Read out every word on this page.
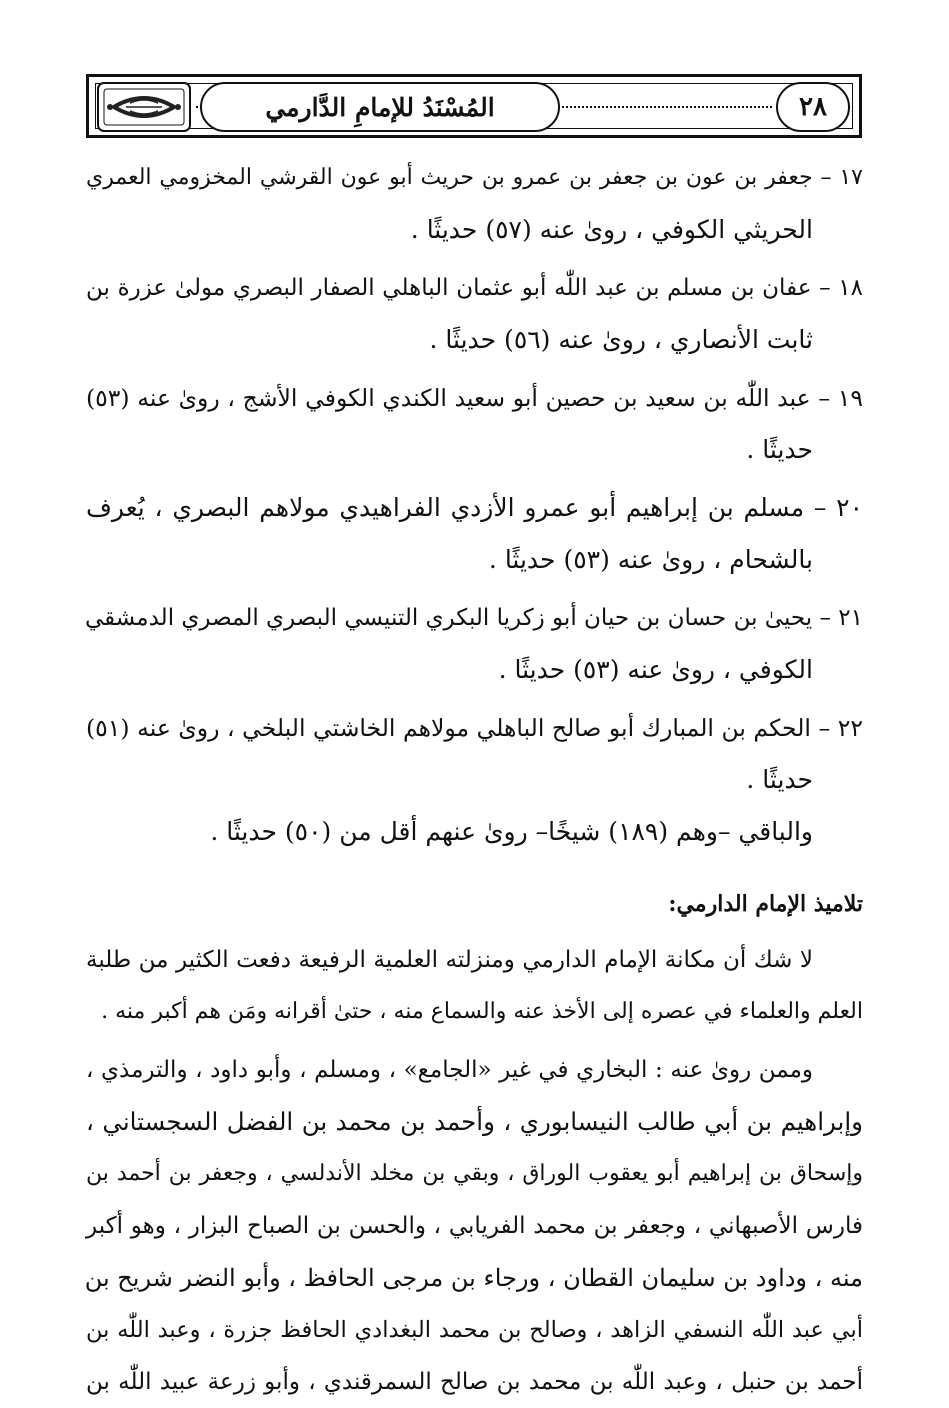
المُسْنَدُ للإمامِ الدَّارمي	٢٨
١٧ – جعفر بن عون بن جعفر بن عمرو بن حريث أبو عون القرشي المخزومي العمري
الحريثي الكوفي ، روىٰ عنه (٥٧) حديثًا .
١٨ – عفان بن مسلم بن عبد اللّٰه أبو عثمان الباهلي الصفار البصري مولىٰ عزرة بن
ثابت الأنصاري ، روىٰ عنه (٥٦) حديثًا .
١٩ – عبد اللّٰه بن سعيد بن حصين أبو سعيد الكندي الكوفي الأشج ، روىٰ عنه (٥٣)
حديثًا .
٢٠ – مسلم بن إبراهيم أبو عمرو الأزدي الفراهيدي مولاهم البصري ، يُعرف
بالشحام ، روىٰ عنه (٥٣) حديثًا .
٢١ – يحيىٰ بن حسان بن حيان أبو زكريا البكري التنيسي البصري المصري الدمشقي
الكوفي ، روىٰ عنه (٥٣) حديثًا .
٢٢ – الحكم بن المبارك أبو صالح الباهلي مولاهم الخاشتي البلخي ، روىٰ عنه (٥١)
حديثًا .
والباقي –وهم (١٨٩) شيخًا– روىٰ عنهم أقل من (٥٠) حديثًا .
تلاميذ الإمام الدارمي:
لا شك أن مكانة الإمام الدارمي ومنزلته العلمية الرفيعة دفعت الكثير من طلبة
العلم والعلماء في عصره إلى الأخذ عنه والسماع منه ، حتىٰ أقرانه ومَن هم أكبر منه .
وممن روىٰ عنه : البخاري في غير «الجامع» ، ومسلم ، وأبو داود ، والترمذي ،
وإبراهيم بن أبي طالب النيسابوري ، وأحمد بن محمد بن الفضل السجستاني ،
وإسحاق بن إبراهيم أبو يعقوب الوراق ، وبقي بن مخلد الأندلسي ، وجعفر بن أحمد بن
فارس الأصبهاني ، وجعفر بن محمد الفريابي ، والحسن بن الصباح البزار ، وهو أكبر
منه ، وداود بن سليمان القطان ، ورجاء بن مرجى الحافظ ، وأبو النضر شريح بن
أبي عبد اللّٰه النسفي الزاهد ، وصالح بن محمد البغدادي الحافظ جزرة ، وعبد اللّٰه بن
أحمد بن حنبل ، وعبد اللّٰه بن محمد بن صالح السمرقندي ، وأبو زرعة عبيد اللّٰه بن
